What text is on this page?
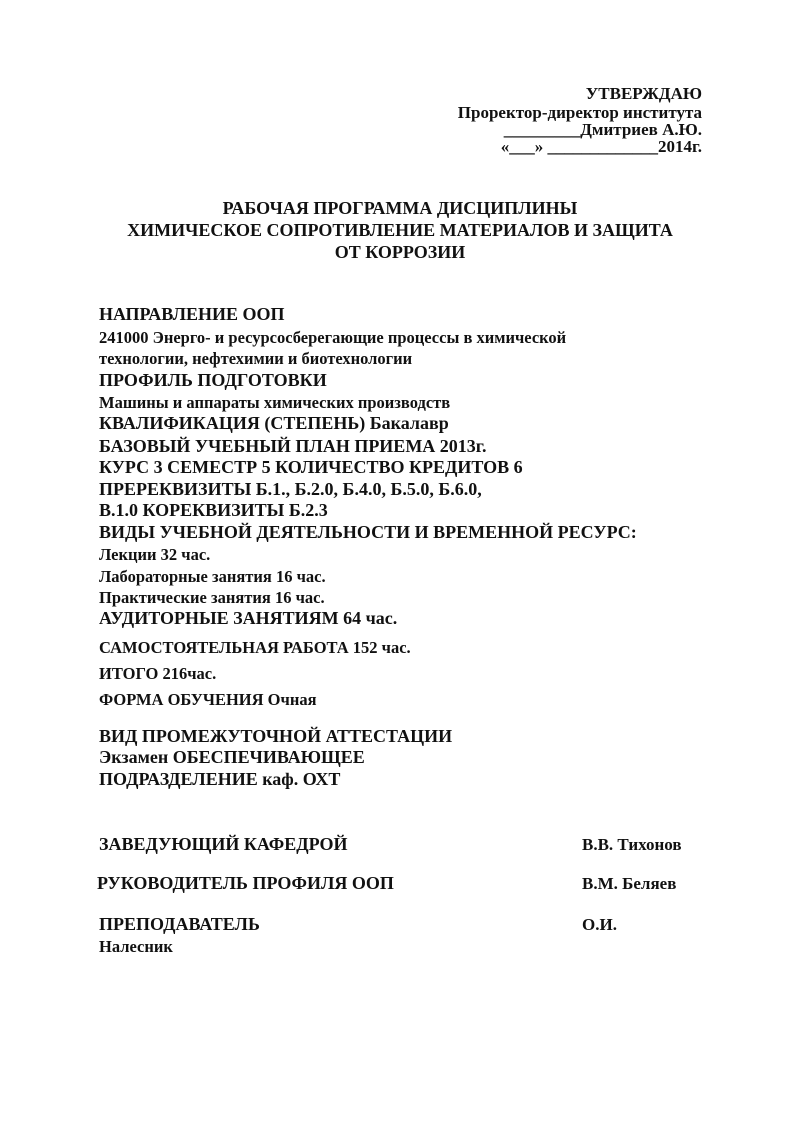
УТВЕРЖДАЮ
Проректор-директор института
_________Дмитриев А.Ю.
«___» _____________2014г.
РАБОЧАЯ ПРОГРАММА ДИСЦИПЛИНЫ
ХИМИЧЕСКОЕ СОПРОТИВЛЕНИЕ МАТЕРИАЛОВ И ЗАЩИТА
ОТ КОРРОЗИИ
НАПРАВЛЕНИЕ ООП
241000 Энерго- и ресурсосберегающие процессы в химической
технологии, нефтехимии и биотехнологии
ПРОФИЛЬ ПОДГОТОВКИ
Машины и аппараты химических производств
КВАЛИФИКАЦИЯ (СТЕПЕНЬ) Бакалавр
БАЗОВЫЙ УЧЕБНЫЙ ПЛАН ПРИЕМА 2013г.
КУРС 3 СЕМЕСТР 5 КОЛИЧЕСТВО КРЕДИТОВ 6
ПРЕРЕКВИЗИТЫ Б.1., Б.2.0, Б.4.0, Б.5.0, Б.6.0,
В.1.0 КОРЕКВИЗИТЫ Б.2.3
ВИДЫ УЧЕБНОЙ ДЕЯТЕЛЬНОСТИ И ВРЕМЕННОЙ РЕСУРС:
Лекции 32 час.
Лабораторные занятия 16 час.
Практические занятия 16 час.
АУДИТОРНЫЕ ЗАНЯТИЯМ 64 час.
САМОСТОЯТЕЛЬНАЯ РАБОТА 152 час.
ИТОГО 216час.
ФОРМА ОБУЧЕНИЯ Очная
ВИД ПРОМЕЖУТОЧНОЙ АТТЕСТАЦИИ
Экзамен ОБЕСПЕЧИВАЮЩЕЕ
ПОДРАЗДЕЛЕНИЕ каф. ОХТ
ЗАВЕДУЮЩИЙ КАФЕДРОЙ	В.В. Тихонов
РУКОВОДИТЕЛЬ ПРОФИЛЯ ООП	В.М. Беляев
ПРЕПОДАВАТЕЛЬ	О.И.
Налесник
